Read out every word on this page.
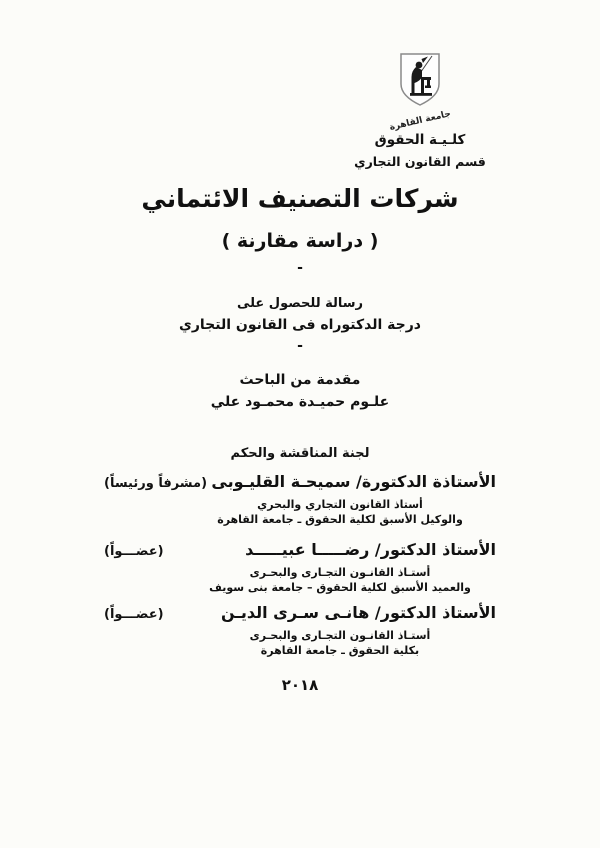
جامعة القاهرة
كلـيـة الحقوق
قسم القانون التجاري
شركات التصنيف الائتماني
( دراسة مقارنة )
-
رسالة للحصول على
درجة الدكتوراه فى القانون التجاري
-
مقدمة من الباحث
علـوم حميـدة محمـود علي
لجنة المناقشة والحكم
الأستاذة الدكتورة/ سميحـة القليـوبى
(مشرفاً ورئيساً)
أستاذ القانون التجاري والبحري
والوكيل الأسبق لكلية الحقوق ـ جامعة القاهرة
الأستاذ الدكتور/ رضـــــا عبيـــــد
(عضـــواً)
أستـاذ القانـون التجـارى والبحـرى
والعميد الأسبق لكلية الحقوق – جامعة بنى سويف
الأستاذ الدكتور/ هانـى سـرى الديـن
(عضـــواً)
أستـاذ القانـون التجـارى والبحـرى
بكلية الحقوق ـ جامعة القاهرة
٢٠١٨
